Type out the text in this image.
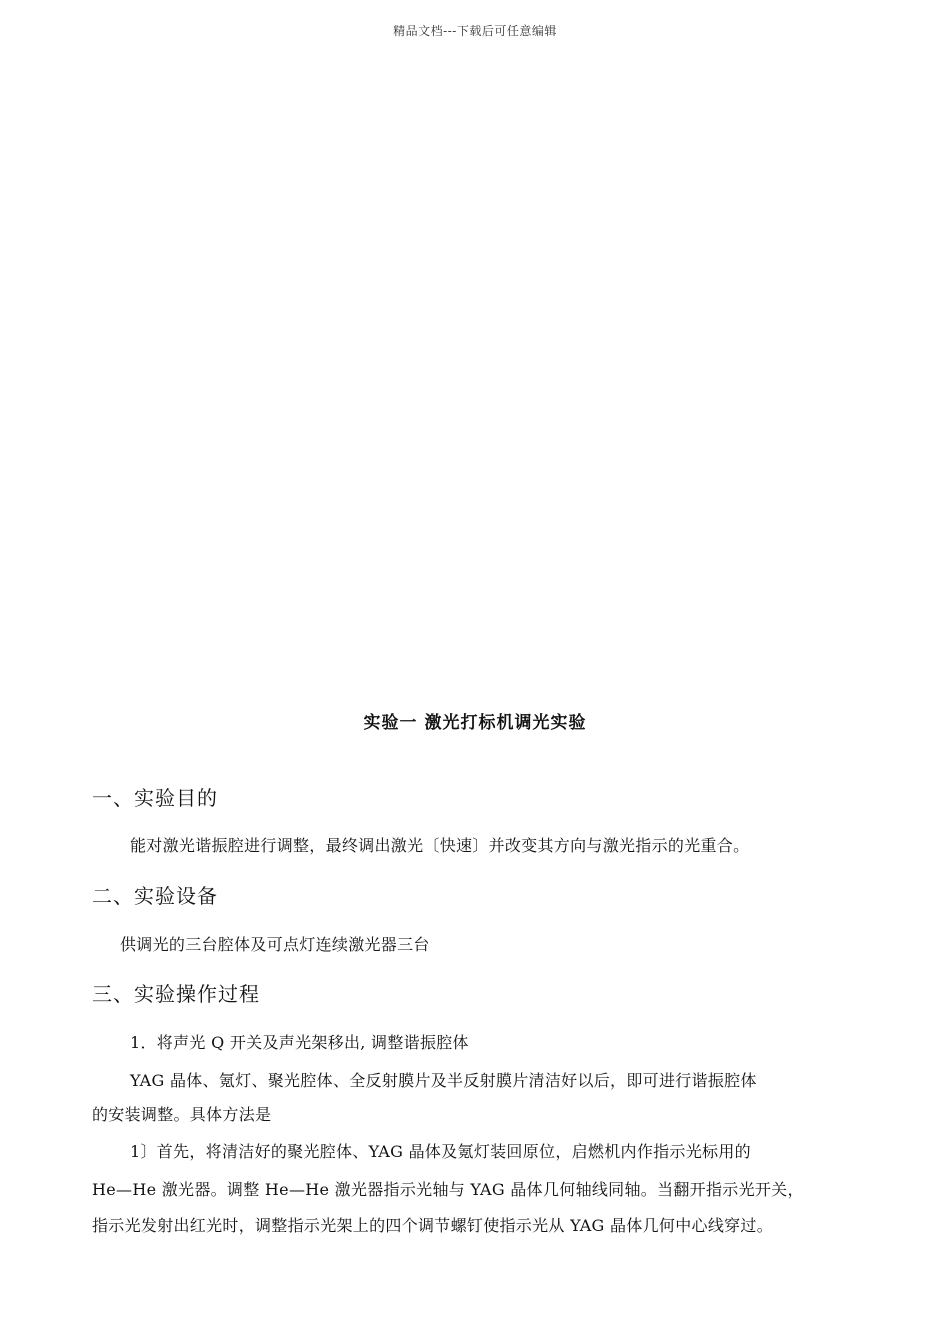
精品文档---下载后可任意编辑
实验一 激光打标机调光实验
一、实验目的
能对激光谐振腔进行调整，最终调出激光〔快速〕并改变其方向与激光指示的光重合。
二、实验设备
供调光的三台腔体及可点灯连续激光器三台
三、实验操作过程
1．将声光 Q 开关及声光架移出, 调整谐振腔体
YAG 晶体、氪灯、聚光腔体、全反射膜片及半反射膜片清洁好以后，即可进行谐振腔体
的安装调整。具体方法是
1〕首先，将清洁好的聚光腔体、YAG 晶体及氪灯装回原位，启燃机内作指示光标用的
He—He 激光器。调整 He—He 激光器指示光轴与 YAG 晶体几何轴线同轴。当翻开指示光开关，
指示光发射出红光时，调整指示光架上的四个调节螺钉使指示光从 YAG 晶体几何中心线穿过。
